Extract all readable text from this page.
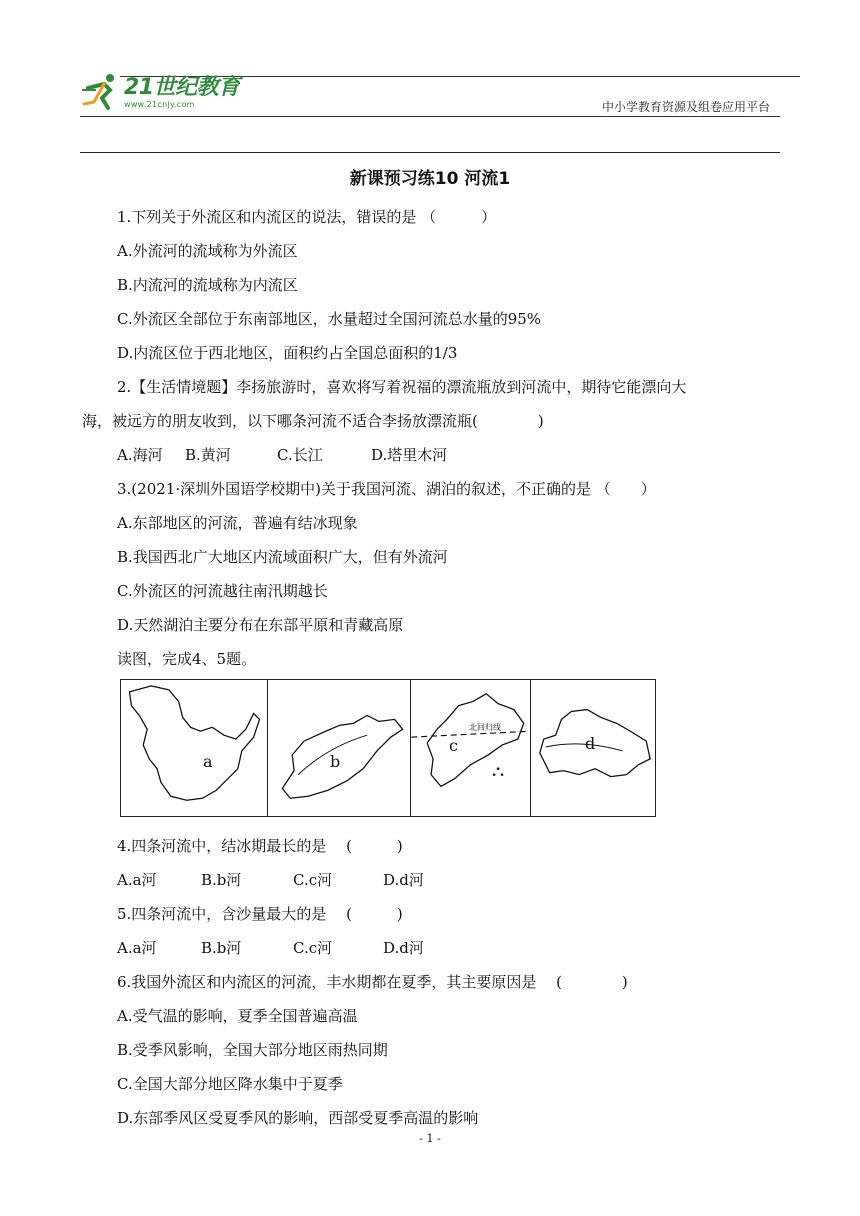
21世纪教育
www.21cnjy.com	中小学教育资源及组卷应用平台
新课预习练10 河流1
1.下列关于外流区和内流区的说法，错误的是 （　　　）
A.外流河的流域称为外流区
B.内流河的流域称为内流区
C.外流区全部位于东南部地区，水量超过全国河流总水量的95%
D.内流区位于西北地区，面积约占全国总面积的1/3
2.【生活情境题】李扬旅游时，喜欢将写着祝福的漂流瓶放到河流中，期待它能漂向大
海，被远方的朋友收到，以下哪条河流不适合李扬放漂流瓶(　　　　)
A.海河 B.黄河	C.长江	D.塔里木河
3.(2021·深圳外国语学校期中)关于我国河流、湖泊的叙述，不正确的是 （　　）
A.东部地区的河流，普遍有结冰现象
B.我国西北广大地区内流域面积广大，但有外流河
C.外流区的河流越往南汛期越长
D.天然湖泊主要分布在东部平原和青藏高原
读图，完成4、5题。
a	b
北回归线
c	d
4.四条河流中，结冰期最长的是 　(　　　)
A.a河	B.b河	C.c河	D.d河
5.四条河流中，含沙量最大的是 　(　　　)
A.a河	B.b河	C.c河	D.d河
6.我国外流区和内流区的河流，丰水期都在夏季，其主要原因是 　(　　　　)
A.受气温的影响，夏季全国普遍高温
B.受季风影响，全国大部分地区雨热同期
C.全国大部分地区降水集中于夏季
D.东部季风区受夏季风的影响，西部受夏季高温的影响
- 1 -
